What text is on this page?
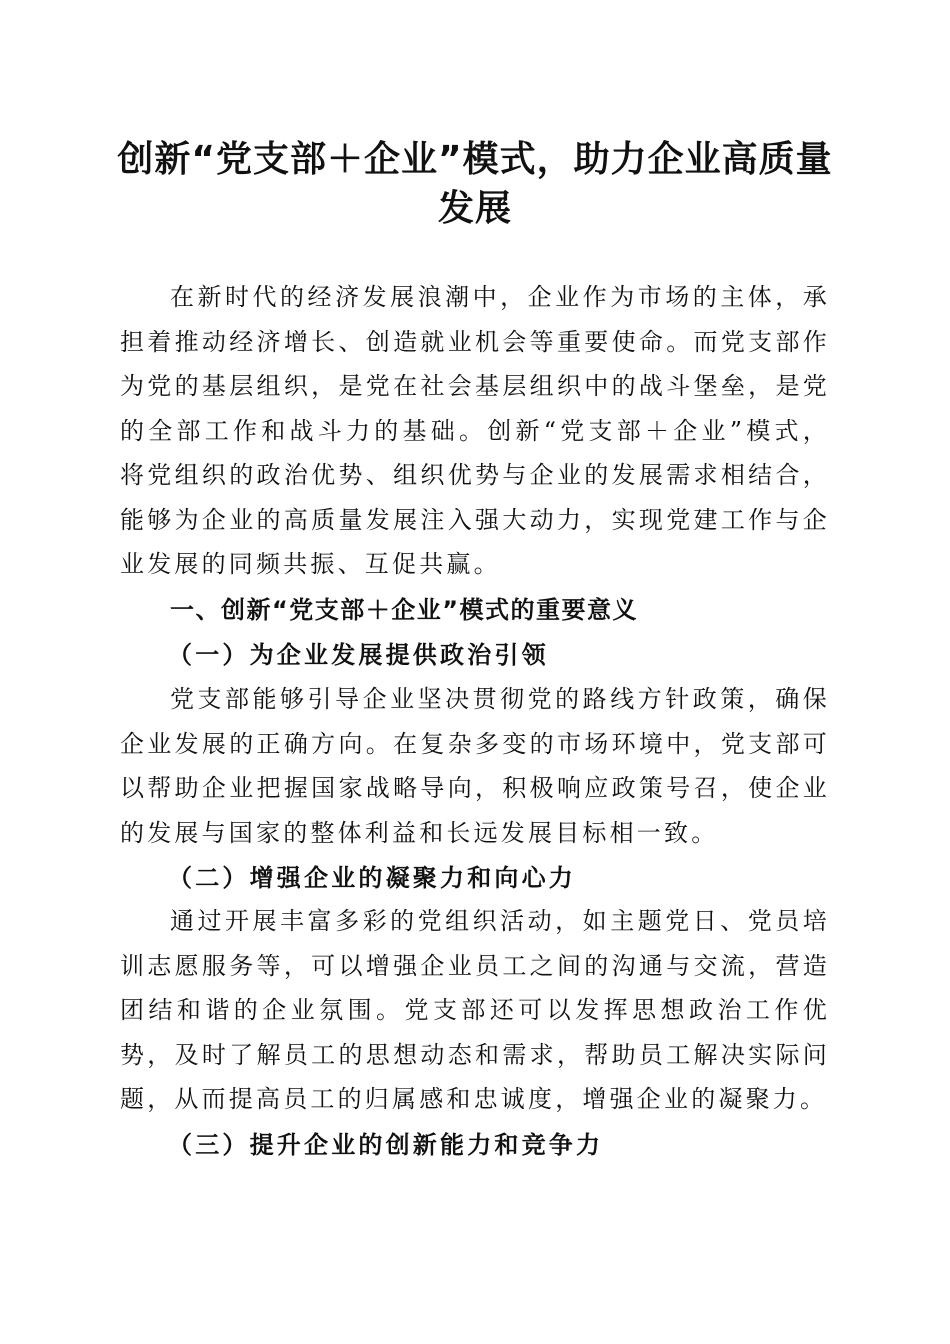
创新“党支部＋企业”模式，助力企业高质量
发展

在新时代的经济发展浪潮中，企业作为市场的主体，承担着推动经济增长、创造就业机会等重要使命。而党支部作为党的基层组织，是党在社会基层组织中的战斗堡垒，是党的全部工作和战斗力的基础。创新“党支部＋企业”模式，将党组织的政治优势、组织优势与企业的发展需求相结合，能够为企业的高质量发展注入强大动力，实现党建工作与企业发展的同频共振、互促共赢。

一、创新“党支部＋企业”模式的重要意义
（一）为企业发展提供政治引领

党支部能够引导企业坚决贯彻党的路线方针政策，确保企业发展的正确方向。在复杂多变的市场环境中，党支部可以帮助企业把握国家战略导向，积极响应政策号召，使企业的发展与国家的整体利益和长远发展目标相一致。

（二）增强企业的凝聚力和向心力

通过开展丰富多彩的党组织活动，如主题党日、党员培训志愿服务等，可以增强企业员工之间的沟通与交流，营造团结和谐的企业氛围。党支部还可以发挥思想政治工作优势，及时了解员工的思想动态和需求，帮助员工解决实际问题，从而提高员工的归属感和忠诚度，增强企业的凝聚力。

（三）提升企业的创新能力和竞争力
